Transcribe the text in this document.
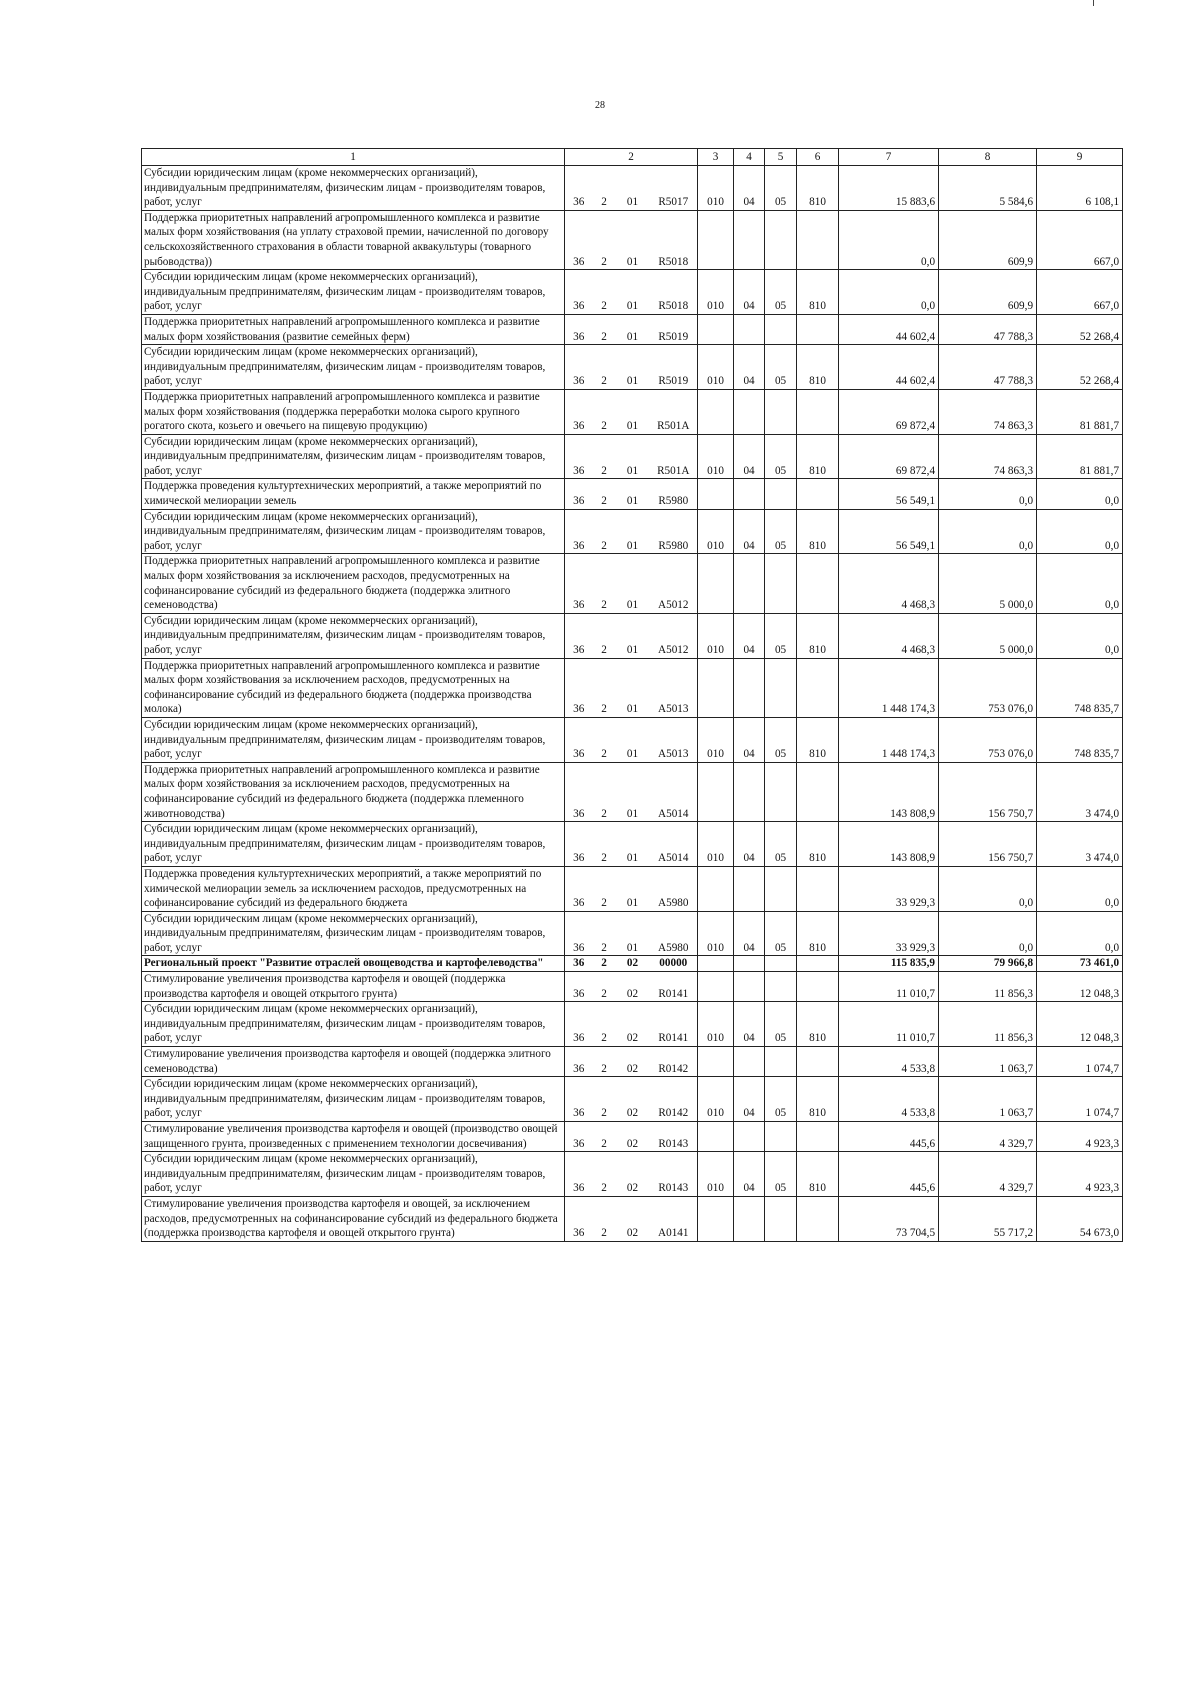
28
1	2				3	4	5	6	7	8	9
Субсидии юридическим лицам (кроме некоммерческих организаций), индивидуальным предпринимателям, физическим лицам - производителям товаров, работ, услуг	36	2	01	R5017	010	04	05	810	15 883,6	5 584,6	6 108,1
Поддержка приоритетных направлений агропромышленного комплекса и развитие малых форм хозяйствования (на уплату страховой премии, начисленной по договору сельскохозяйственного страхования в области товарной аквакультуры (товарного рыбоводства))	36	2	01	R5018					0,0	609,9	667,0
Субсидии юридическим лицам (кроме некоммерческих организаций), индивидуальным предпринимателям, физическим лицам - производителям товаров, работ, услуг	36	2	01	R5018	010	04	05	810	0,0	609,9	667,0
Поддержка приоритетных направлений агропромышленного комплекса и развитие малых форм хозяйствования (развитие семейных ферм)	36	2	01	R5019					44 602,4	47 788,3	52 268,4
Субсидии юридическим лицам (кроме некоммерческих организаций), индивидуальным предпринимателям, физическим лицам - производителям товаров, работ, услуг	36	2	01	R5019	010	04	05	810	44 602,4	47 788,3	52 268,4
Поддержка приоритетных направлений агропромышленного комплекса и развитие малых форм хозяйствования (поддержка переработки молока сырого крупного рогатого скота, козьего и овечьего на пищевую продукцию)	36	2	01	R501A					69 872,4	74 863,3	81 881,7
Субсидии юридическим лицам (кроме некоммерческих организаций), индивидуальным предпринимателям, физическим лицам - производителям товаров, работ, услуг	36	2	01	R501A	010	04	05	810	69 872,4	74 863,3	81 881,7
Поддержка проведения культуртехнических мероприятий, а также мероприятий по химической мелиорации земель	36	2	01	R5980					56 549,1	0,0	0,0
Субсидии юридическим лицам (кроме некоммерческих организаций), индивидуальным предпринимателям, физическим лицам - производителям товаров, работ, услуг	36	2	01	R5980	010	04	05	810	56 549,1	0,0	0,0
Поддержка приоритетных направлений агропромышленного комплекса и развитие малых форм хозяйствования за исключением расходов, предусмотренных на софинансирование субсидий из федерального бюджета (поддержка элитного семеноводства)	36	2	01	A5012					4 468,3	5 000,0	0,0
Субсидии юридическим лицам (кроме некоммерческих организаций), индивидуальным предпринимателям, физическим лицам - производителям товаров, работ, услуг	36	2	01	A5012	010	04	05	810	4 468,3	5 000,0	0,0
Поддержка приоритетных направлений агропромышленного комплекса и развитие малых форм хозяйствования за исключением расходов, предусмотренных на софинансирование субсидий из федерального бюджета (поддержка производства молока)	36	2	01	A5013					1 448 174,3	753 076,0	748 835,7
Субсидии юридическим лицам (кроме некоммерческих организаций), индивидуальным предпринимателям, физическим лицам - производителям товаров, работ, услуг	36	2	01	A5013	010	04	05	810	1 448 174,3	753 076,0	748 835,7
Поддержка приоритетных направлений агропромышленного комплекса и развитие малых форм хозяйствования за исключением расходов, предусмотренных на софинансирование субсидий из федерального бюджета (поддержка племенного животноводства)	36	2	01	A5014					143 808,9	156 750,7	3 474,0
Субсидии юридическим лицам (кроме некоммерческих организаций), индивидуальным предпринимателям, физическим лицам - производителям товаров, работ, услуг	36	2	01	A5014	010	04	05	810	143 808,9	156 750,7	3 474,0
Поддержка проведения культуртехнических мероприятий, а также мероприятий по химической мелиорации земель за исключением расходов, предусмотренных на софинансирование субсидий из федерального бюджета	36	2	01	A5980					33 929,3	0,0	0,0
Субсидии юридическим лицам (кроме некоммерческих организаций), индивидуальным предпринимателям, физическим лицам - производителям товаров, работ, услуг	36	2	01	A5980	010	04	05	810	33 929,3	0,0	0,0
Региональный проект "Развитие отраслей овощеводства и картофелеводства"	36	2	02	00000					115 835,9	79 966,8	73 461,0
Стимулирование увеличения производства картофеля и овощей (поддержка производства картофеля и овощей открытого грунта)	36	2	02	R0141					11 010,7	11 856,3	12 048,3
Субсидии юридическим лицам (кроме некоммерческих организаций), индивидуальным предпринимателям, физическим лицам - производителям товаров, работ, услуг	36	2	02	R0141	010	04	05	810	11 010,7	11 856,3	12 048,3
Стимулирование увеличения производства картофеля и овощей (поддержка элитного семеноводства)	36	2	02	R0142					4 533,8	1 063,7	1 074,7
Субсидии юридическим лицам (кроме некоммерческих организаций), индивидуальным предпринимателям, физическим лицам - производителям товаров, работ, услуг	36	2	02	R0142	010	04	05	810	4 533,8	1 063,7	1 074,7
Стимулирование увеличения производства картофеля и овощей (производство овощей защищенного грунта, произведенных с применением технологии досвечивания)	36	2	02	R0143					445,6	4 329,7	4 923,3
Субсидии юридическим лицам (кроме некоммерческих организаций), индивидуальным предпринимателям, физическим лицам - производителям товаров, работ, услуг	36	2	02	R0143	010	04	05	810	445,6	4 329,7	4 923,3
Стимулирование увеличения производства картофеля и овощей, за исключением расходов, предусмотренных на софинансирование субсидий из федерального бюджета (поддержка производства картофеля и овощей открытого грунта)	36	2	02	A0141					73 704,5	55 717,2	54 673,0
